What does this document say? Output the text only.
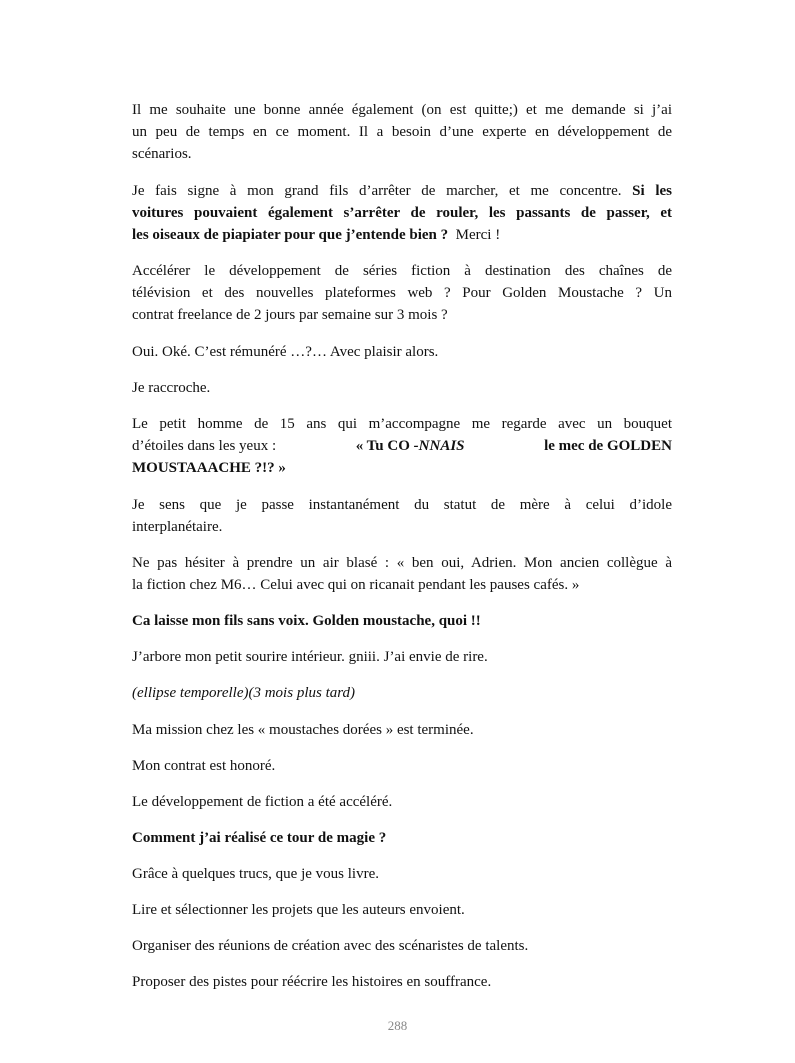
Il me souhaite une bonne année également (on est quitte;) et me demande si j’ai
un peu de temps en ce moment. Il a besoin d’une experte en développement de
scénarios.

Je fais signe à mon grand fils d’arrêter de marcher, et me concentre. Si les
voitures pouvaient également s’arrêter de rouler, les passants de passer, et
les oiseaux de piapiater pour que j’entende bien ? Merci !

Accélérer le développement de séries fiction à destination des chaînes de
télévision et des nouvelles plateformes web ? Pour Golden Moustache ? Un
contrat freelance de 2 jours par semaine sur 3 mois ?

Oui. Oké. C’est rémunéré …?… Avec plaisir alors.

Je raccroche.

Le petit homme de 15 ans qui m’accompagne me regarde avec un bouquet
d’étoiles dans les yeux :	« Tu CO -NNAIS	le mec de GOLDEN
MOUSTAAACHE ?!? »

Je sens que je passe instantanément du statut de mère à celui d’idole
interplanétaire.

Ne pas hésiter à prendre un air blasé : « ben oui, Adrien. Mon ancien collègue à
la fiction chez M6… Celui avec qui on ricanait pendant les pauses cafés. »

Ca laisse mon fils sans voix. Golden moustache, quoi !!

J’arbore mon petit sourire intérieur. gniii. J’ai envie de rire.

(ellipse temporelle)(3 mois plus tard)

Ma mission chez les « moustaches dorées » est terminée.

Mon contrat est honoré.

Le développement de fiction a été accéléré.

Comment j’ai réalisé ce tour de magie ?

Grâce à quelques trucs, que je vous livre.

Lire et sélectionner les projets que les auteurs envoient.

Organiser des réunions de création avec des scénaristes de talents.

Proposer des pistes pour réécrire les histoires en souffrance.

288
